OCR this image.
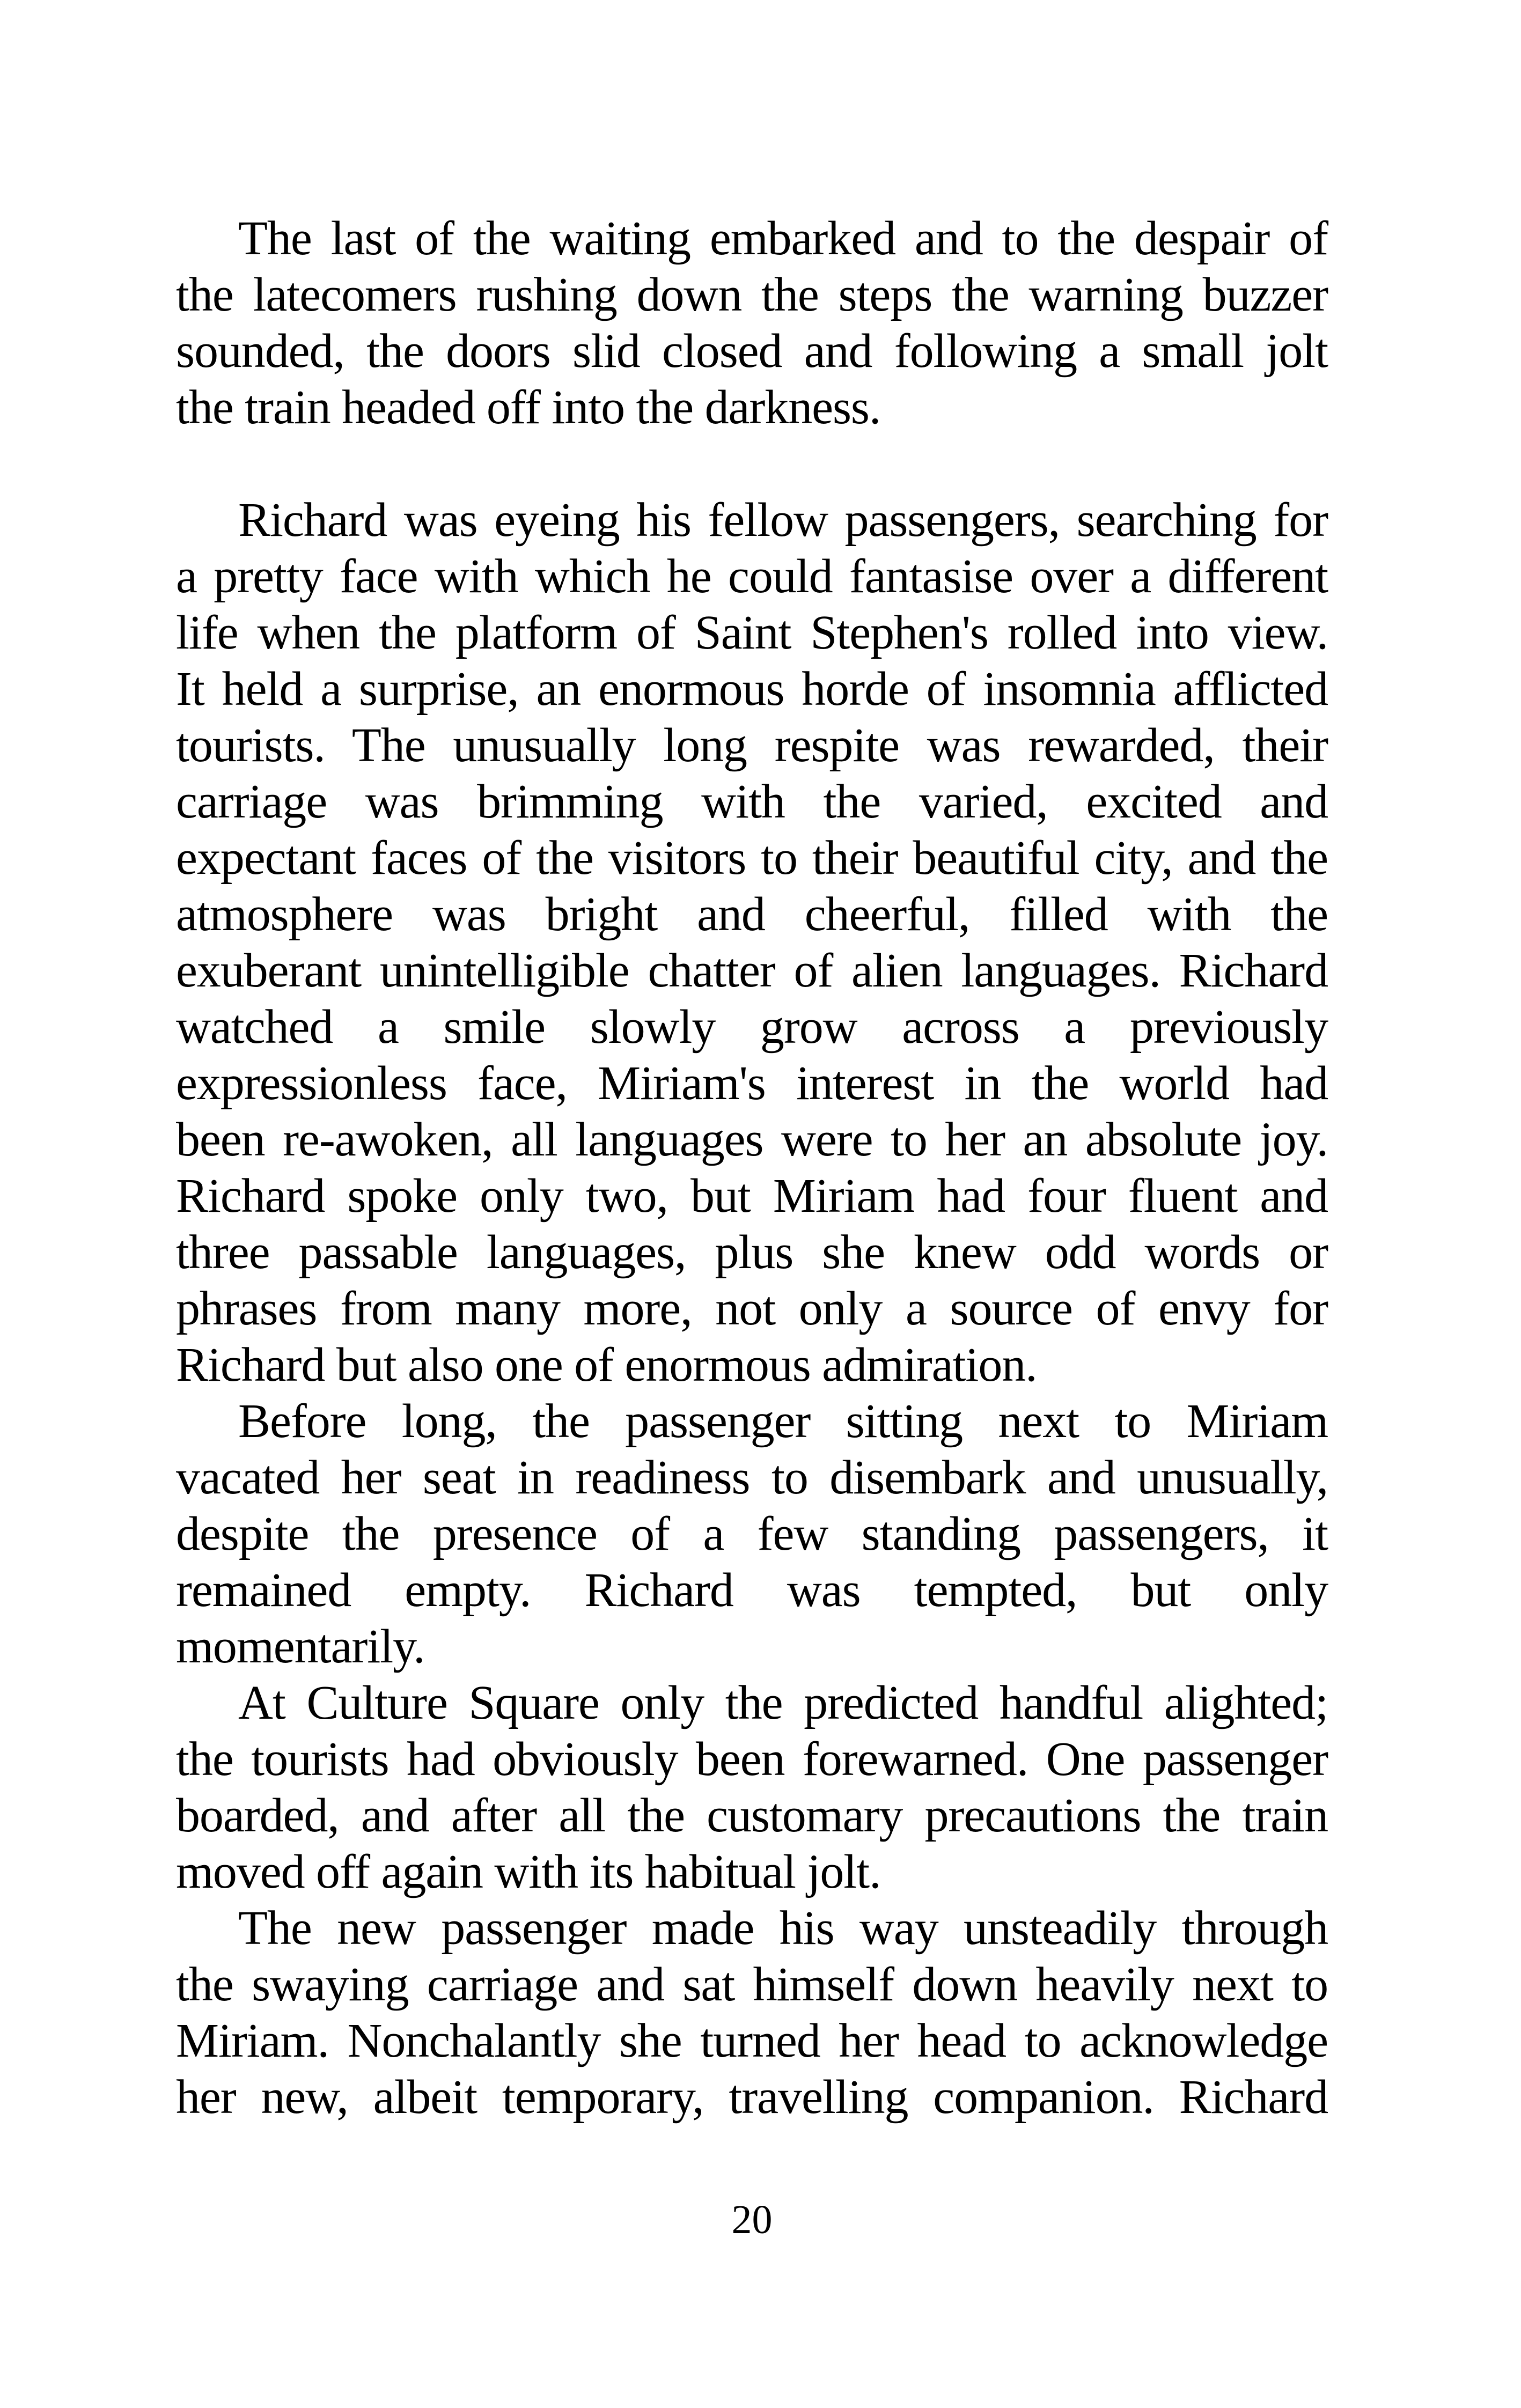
The last of the waiting embarked and to the despair of
the latecomers rushing down the steps the warning buzzer
sounded, the doors slid closed and following a small jolt
the train headed off into the darkness.
Richard was eyeing his fellow passengers, searching for
a pretty face with which he could fantasise over a different
life when the platform of Saint Stephen's rolled into view.
It held a surprise, an enormous horde of insomnia afflicted
tourists. The unusually long respite was rewarded, their
carriage was brimming with the varied, excited and
expectant faces of the visitors to their beautiful city, and the
atmosphere was bright and cheerful, filled with the
exuberant unintelligible chatter of alien languages. Richard
watched a smile slowly grow across a previously
expressionless face, Miriam's interest in the world had
been re-awoken, all languages were to her an absolute joy.
Richard spoke only two, but Miriam had four fluent and
three passable languages, plus she knew odd words or
phrases from many more, not only a source of envy for
Richard but also one of enormous admiration.
Before long, the passenger sitting next to Miriam
vacated her seat in readiness to disembark and unusually,
despite the presence of a few standing passengers, it
remained empty. Richard was tempted, but only
momentarily.
At Culture Square only the predicted handful alighted;
the tourists had obviously been forewarned. One passenger
boarded, and after all the customary precautions the train
moved off again with its habitual jolt.
The new passenger made his way unsteadily through
the swaying carriage and sat himself down heavily next to
Miriam. Nonchalantly she turned her head to acknowledge
her new, albeit temporary, travelling companion. Richard
20
